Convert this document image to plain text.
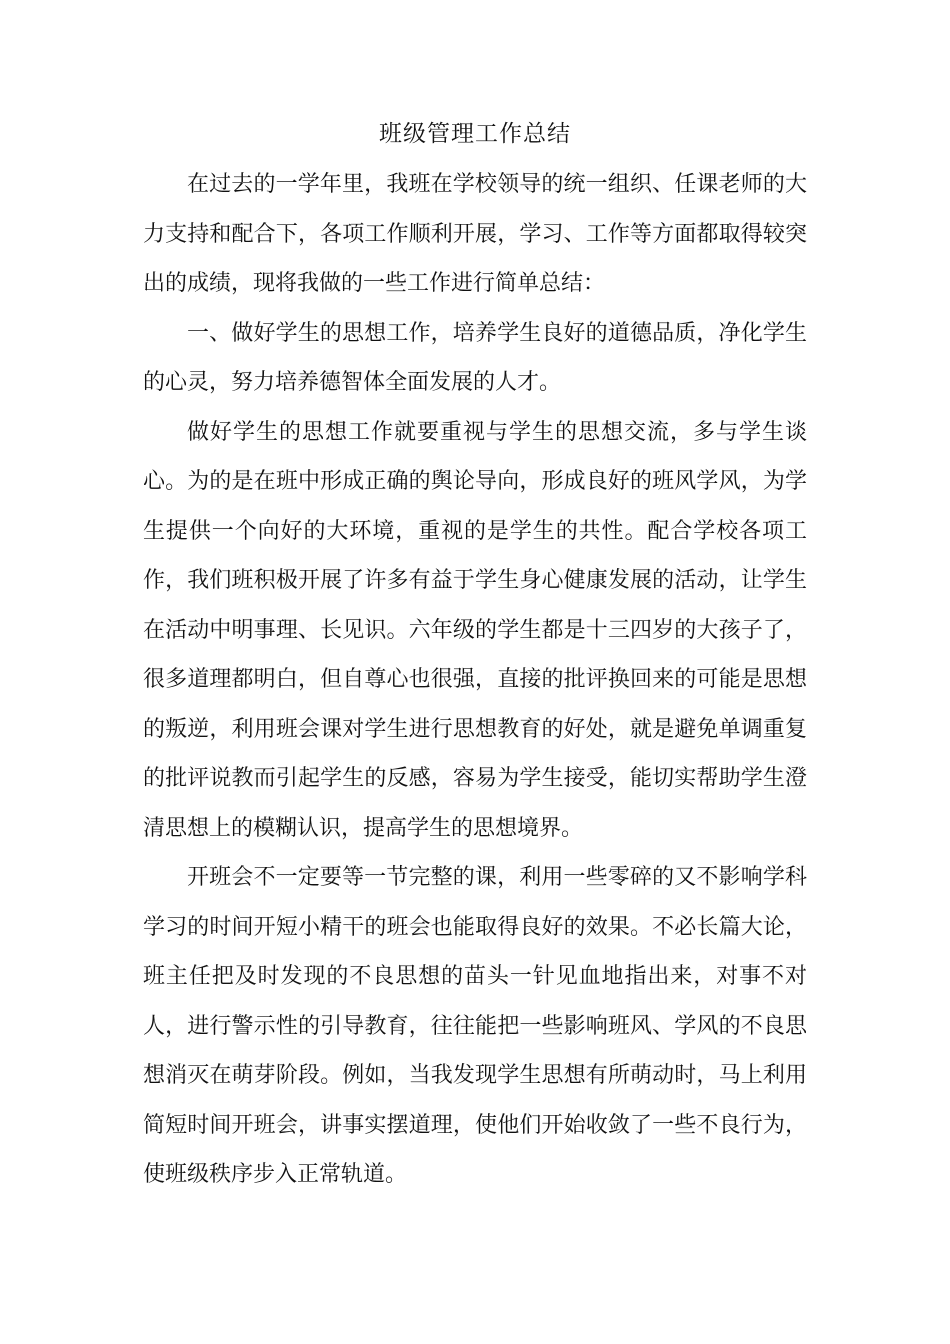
班级管理工作总结

在过去的一学年里，我班在学校领导的统一组织、任课老师的大力支持和配合下，各项工作顺利开展，学习、工作等方面都取得较突出的成绩，现将我做的一些工作进行简单总结：

一、做好学生的思想工作，培养学生良好的道德品质，净化学生的心灵，努力培养德智体全面发展的人才。

做好学生的思想工作就要重视与学生的思想交流，多与学生谈心。为的是在班中形成正确的舆论导向，形成良好的班风学风，为学生提供一个向好的大环境，重视的是学生的共性。配合学校各项工作，我们班积极开展了许多有益于学生身心健康发展的活动，让学生在活动中明事理、长见识。六年级的学生都是十三四岁的大孩子了，很多道理都明白，但自尊心也很强，直接的批评换回来的可能是思想的叛逆，利用班会课对学生进行思想教育的好处，就是避免单调重复的批评说教而引起学生的反感，容易为学生接受，能切实帮助学生澄清思想上的模糊认识，提高学生的思想境界。

开班会不一定要等一节完整的课，利用一些零碎的又不影响学科学习的时间开短小精干的班会也能取得良好的效果。不必长篇大论，班主任把及时发现的不良思想的苗头一针见血地指出来，对事不对人，进行警示性的引导教育，往往能把一些影响班风、学风的不良思想消灭在萌芽阶段。例如，当我发现学生思想有所萌动时，马上利用简短时间开班会，讲事实摆道理，使他们开始收敛了一些不良行为，使班级秩序步入正常轨道。
